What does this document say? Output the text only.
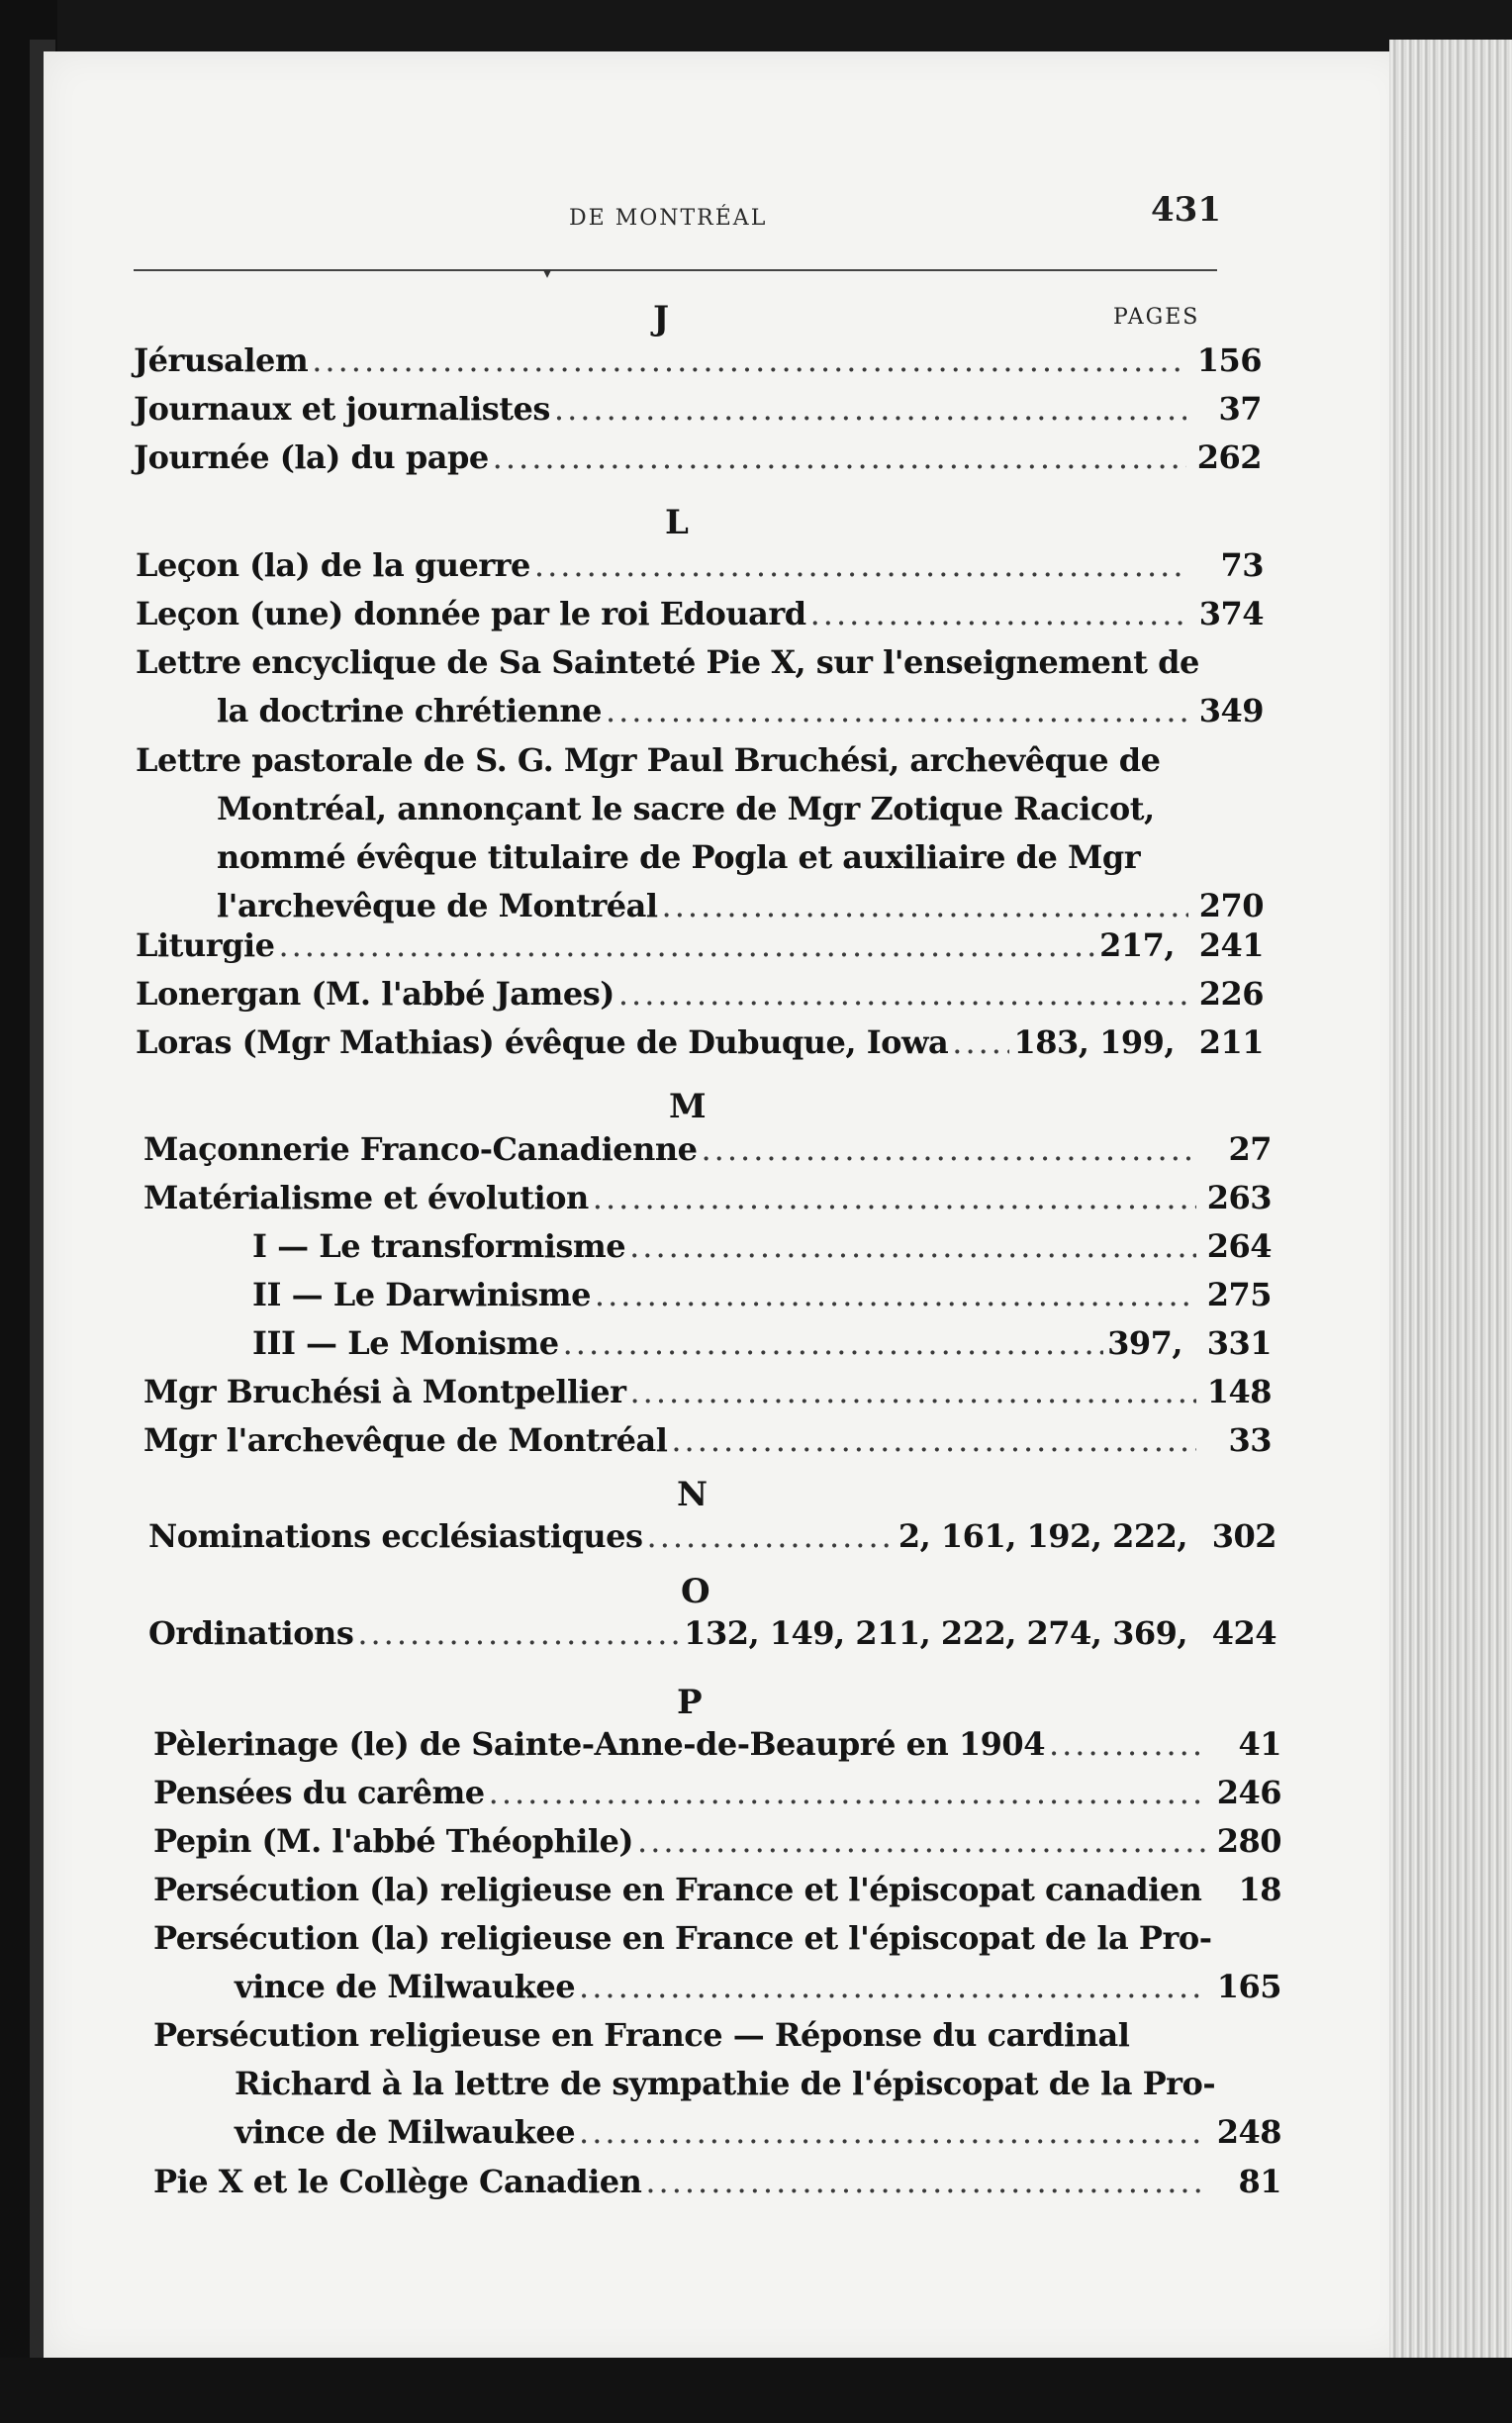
DE MONTRÉAL	431
▾
PAGES
J
Jérusalem .....	156
Journaux et journalistes .....	37
Journée (la) du pape .....	262
L
Leçon (la) de la guerre .....	73
Leçon (une) donnée par le roi Edouard .....	374
Lettre encyclique de Sa Sainteté Pie X, sur l'enseignement de
la doctrine chrétienne .....	349
Lettre pastorale de S. G. Mgr Paul Bruchési, archevêque de
Montréal, annonçant le sacre de Mgr Zotique Racicot,
nommé évêque titulaire de Pogla et auxiliaire de Mgr
l'archevêque de Montréal .....	270
Liturgie .....	217, 241
Lonergan (M. l'abbé James) .....	226
Loras (Mgr Mathias) évêque de Dubuque, Iowa ..... 183, 199, 211
M
Maçonnerie Franco-Canadienne .....	27
Matérialisme et évolution .....	263
I — Le transformisme .....	264
II — Le Darwinisme .....	275
III — Le Monisme .....	397, 331
Mgr Bruchési à Montpellier .....	148
Mgr l'archevêque de Montréal .....	33
N
Nominations ecclésiastiques .....	2, 161, 192, 222, 302
O
Ordinations .....	132, 149, 211, 222, 274, 369, 424
P
Pèlerinage (le) de Sainte-Anne-de-Beaupré en 1904 .....	41
Pensées du carême .....	246
Pepin (M. l'abbé Théophile) .....	280
Persécution (la) religieuse en France et l'épiscopat canadien .....	18
Persécution (la) religieuse en France et l'épiscopat de la Pro-
vince de Milwaukee .....	165
Persécution religieuse en France — Réponse du cardinal
Richard à la lettre de sympathie de l'épiscopat de la Pro-
vince de Milwaukee .....	248
Pie X et le Collège Canadien .....	81
